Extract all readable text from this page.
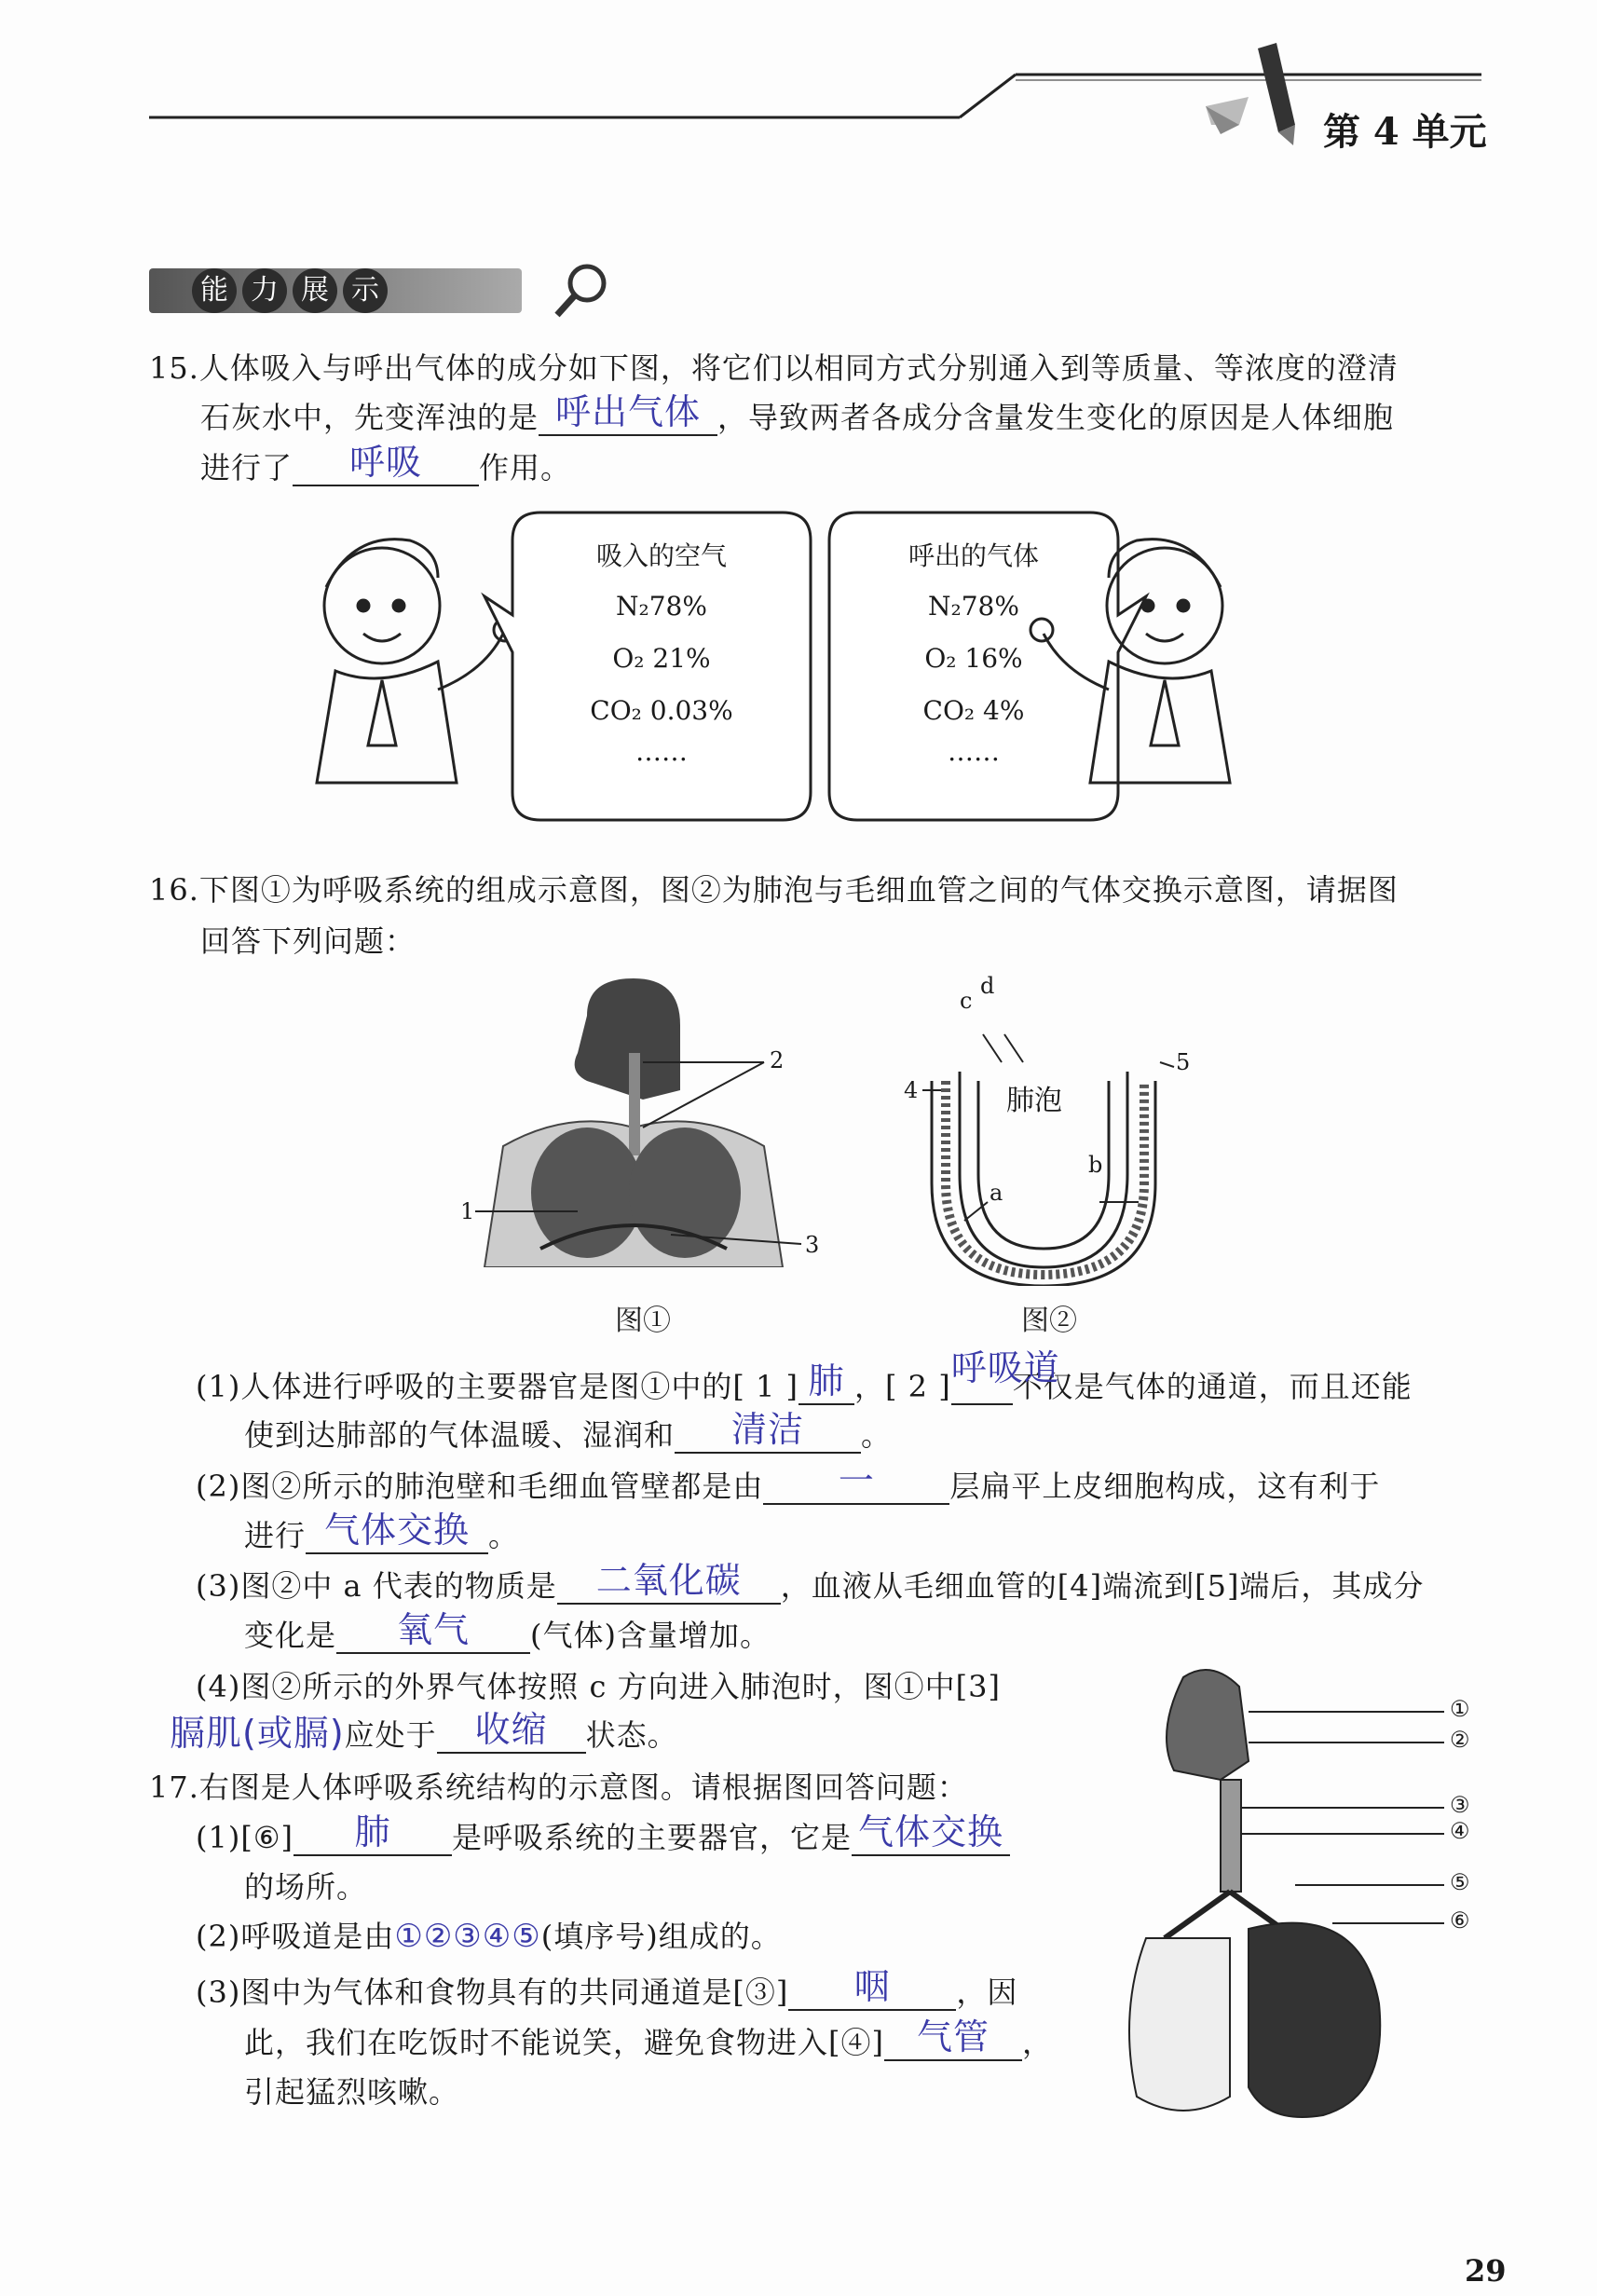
第 4 单元
能 力 展 示
15.人体吸入与呼出气体的成分如下图，将它们以相同方式分别通入到等质量、等浓度的澄清
石灰水中，先变浑浊的是 呼出气体 ，导致两者各成分含量发生变化的原因是人体细胞
进行了	呼吸	作用。
吸入的空气
N₂78%
O₂ 21%
CO₂ 0.03%
……
呼出的气体
N₂78%
O₂ 16%
CO₂ 4%
……
16.下图①为呼吸系统的组成示意图，图②为肺泡与毛细血管之间的气体交换示意图，请据图
回答下列问题：
2
1
3
图①
c
d
5
4	肺泡
b
a
图②
(1)人体进行呼吸的主要器官是图①中的[ 1 ] 肺 ，[ 2 ] 呼吸道
不仅是气体的通道，而且还能
使到达肺部的气体温暖、湿润和	清洁	。
(2)图②所示的肺泡壁和毛细血管壁都是由	一	层扁平上皮细胞构成，这有利于
进行 气体交换 。
(3)图②中 a 代表的物质是	二氧化碳	，血液从毛细血管的[4]端流到[5]端后，其成分
变化是	氧气	(气体)含量增加。
(4)图②所示的外界气体按照 c 方向进入肺泡时，图①中[3]
膈肌(或膈)应处于	收缩	状态。
17.右图是人体呼吸系统结构的示意图。请根据图回答问题：
(1)[⑥]	肺	是呼吸系统的主要器官，它是 气体交换
的场所。
(2)呼吸道是由①②③④⑤(填序号)组成的。
(3)图中为气体和食物具有的共同通道是[③]	咽	，因
此，我们在吃饭时不能说笑，避免食物进入[④] 气管	，
引起猛烈咳嗽。
①
②
③
④
⑤
⑥
29
